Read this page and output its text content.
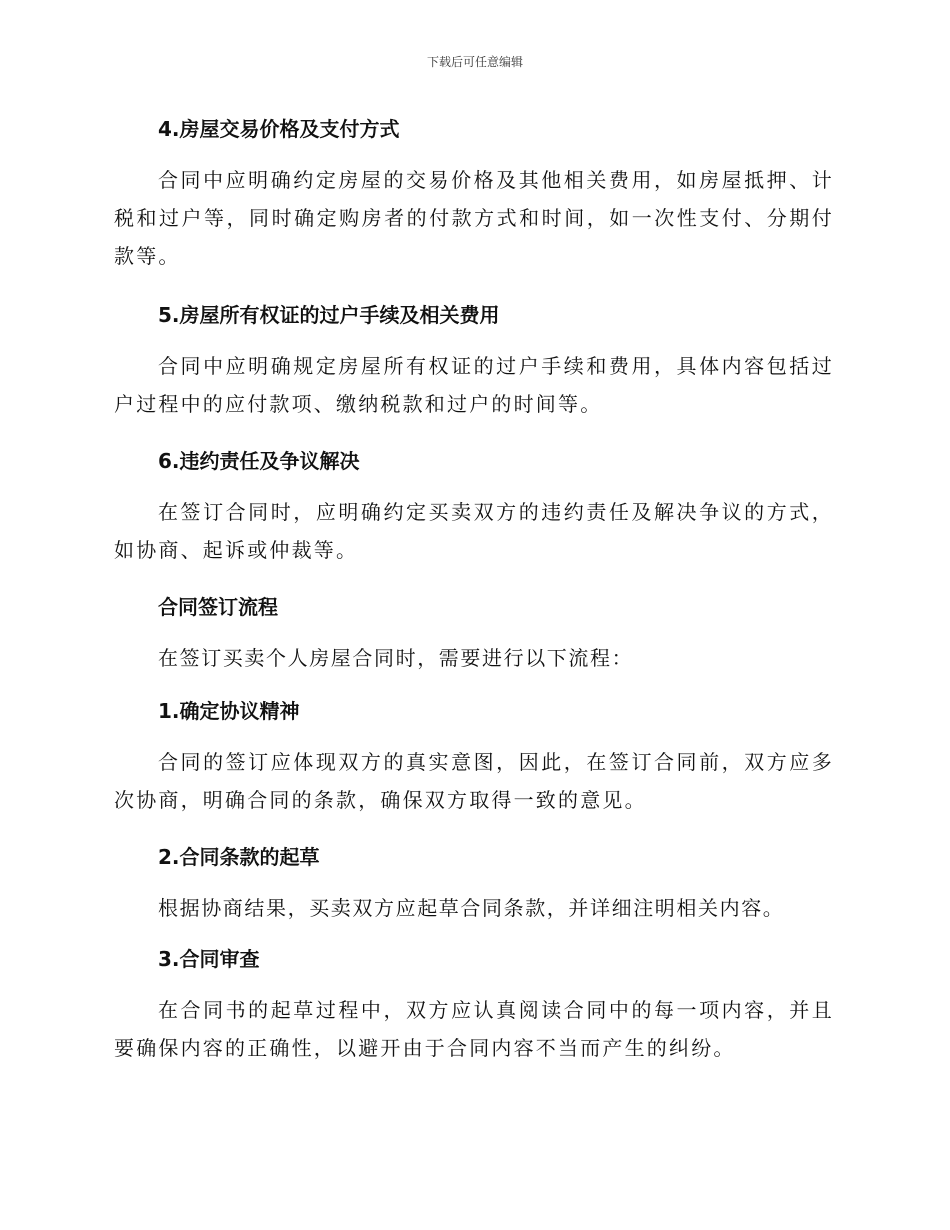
下载后可任意编辑
4.房屋交易价格及支付方式
合同中应明确约定房屋的交易价格及其他相关费用，如房屋抵押、计税和过户等，同时确定购房者的付款方式和时间，如一次性支付、分期付款等。
5.房屋所有权证的过户手续及相关费用
合同中应明确规定房屋所有权证的过户手续和费用，具体内容包括过户过程中的应付款项、缴纳税款和过户的时间等。
6.违约责任及争议解决
在签订合同时，应明确约定买卖双方的违约责任及解决争议的方式，如协商、起诉或仲裁等。
合同签订流程
在签订买卖个人房屋合同时，需要进行以下流程：
1.确定协议精神
合同的签订应体现双方的真实意图，因此，在签订合同前，双方应多次协商，明确合同的条款，确保双方取得一致的意见。
2.合同条款的起草
根据协商结果，买卖双方应起草合同条款，并详细注明相关内容。
3.合同审查
在合同书的起草过程中，双方应认真阅读合同中的每一项内容，并且要确保内容的正确性，以避开由于合同内容不当而产生的纠纷。
